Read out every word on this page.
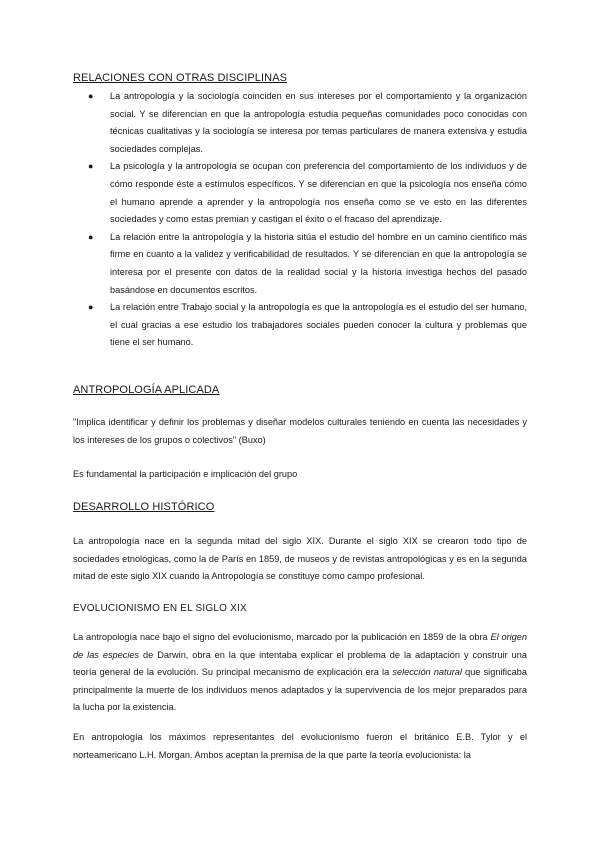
RELACIONES CON OTRAS DISCIPLINAS
● La antropología y la sociología coinciden en sus intereses por el comportamiento y la organización social. Y se diferencian en que la antropología estudia pequeñas comunidades poco conocidas con técnicas cualitativas y la sociología se interesa por temas particulares de manera extensiva y estudia sociedades complejas.
● La psicología y la antropología se ocupan con preferencia del comportamiento de los individuos y de cómo responde éste a estímulos específicos. Y se diferencian en que la psicología nos enseña cómo el humano aprende a aprender y la antropología nos enseña como se ve esto en las diferentes sociedades y como estas premian y castigan el éxito o el fracaso del aprendizaje.
● La relación entre la antropología y la historia sitúa el estudio del hombre en un camino científico más firme en cuanto a la validez y verificabilidad de resultados. Y se diferencian en que la antropología se interesa por el presente con datos de la realidad social y la historia investiga hechos del pasado basándose en documentos escritos.
● La relación entre Trabajo social y la antropología es que la antropología es el estudio del ser humano, el cual gracias a ese estudio los trabajadores sociales pueden conocer la cultura y problemas que tiene el ser humano.
ANTROPOLOGÍA APLICADA
"Implica identificar y definir los problemas y diseñar modelos culturales teniendo en cuenta las necesidades y los intereses de los grupos o colectivos" (Buxo)
Es fundamental la participación e implicación del grupo
DESARROLLO HISTÓRICO
La antropología nace en la segunda mitad del siglo XIX. Durante el siglo XIX se crearon todo tipo de sociedades etnológicas, como la de París en 1859, de museos y de revistas antropológicas y es en la segunda mitad de este siglo XIX cuando la Antropología se constituye como campo profesional.
EVOLUCIONISMO EN EL SIGLO XIX
La antropología nace bajo el signo del evolucionismo, marcado por la publicación en 1859 de la obra El origen de las especies de Darwin, obra en la que intentaba explicar el problema de la adaptación y construir una teoría general de la evolución. Su principal mecanismo de explicación era la selección natural que significaba principalmente la muerte de los individuos menos adaptados y la supervivencia de los mejor preparados para la lucha por la existencia.
En antropología los máximos representantes del evolucionismo fueron el británico E.B. Tylor y el norteamericano L.H. Morgan. Ambos aceptan la premisa de la que parte la teoría evolucionista: la
